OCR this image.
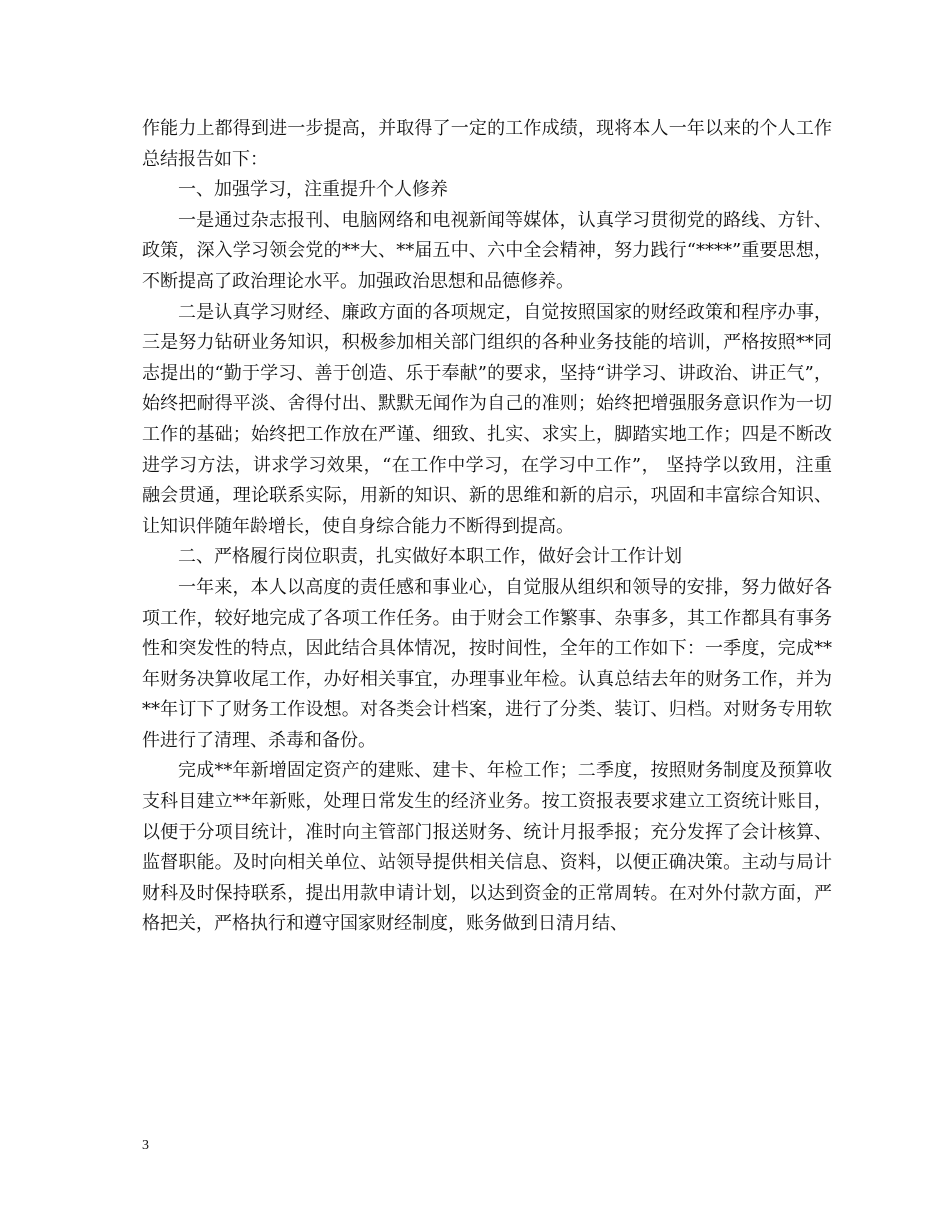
作能力上都得到进一步提高，并取得了一定的工作成绩，现将本人一年以来的个人工作总结报告如下：

一、加强学习，注重提升个人修养

一是通过杂志报刊、电脑网络和电视新闻等媒体，认真学习贯彻党的路线、方针、政策，深入学习领会党的**大、**届五中、六中全会精神，努力践行“****”重要思想，不断提高了政治理论水平。加强政治思想和品德修养。

二是认真学习财经、廉政方面的各项规定，自觉按照国家的财经政策和程序办事，三是努力钻研业务知识，积极参加相关部门组织的各种业务技能的培训，严格按照**同志提出的“勤于学习、善于创造、乐于奉献”的要求，坚持“讲学习、讲政治、讲正气”，始终把耐得平淡、舍得付出、默默无闻作为自己的准则；始终把增强服务意识作为一切工作的基础；始终把工作放在严谨、细致、扎实、求实上，脚踏实地工作；四是不断改进学习方法，讲求学习效果，“在工作中学习，在学习中工作”， 坚持学以致用，注重融会贯通，理论联系实际，用新的知识、新的思维和新的启示，巩固和丰富综合知识、让知识伴随年龄增长，使自身综合能力不断得到提高。

二、严格履行岗位职责，扎实做好本职工作，做好会计工作计划

一年来，本人以高度的责任感和事业心，自觉服从组织和领导的安排，努力做好各项工作，较好地完成了各项工作任务。由于财会工作繁事、杂事多，其工作都具有事务性和突发性的特点，因此结合具体情况，按时间性，全年的工作如下：一季度，完成**年财务决算收尾工作，办好相关事宜，办理事业年检。认真总结去年的财务工作，并为**年订下了财务工作设想。对各类会计档案，进行了分类、装订、归档。对财务专用软件进行了清理、杀毒和备份。

完成**年新增固定资产的建账、建卡、年检工作；二季度，按照财务制度及预算收支科目建立**年新账，处理日常发生的经济业务。按工资报表要求建立工资统计账目，以便于分项目统计，准时向主管部门报送财务、统计月报季报；充分发挥了会计核算、监督职能。及时向相关单位、站领导提供相关信息、资料，以便正确决策。主动与局计财科及时保持联系，提出用款申请计划，以达到资金的正常周转。在对外付款方面，严格把关，严格执行和遵守国家财经制度，账务做到日清月结、

3
